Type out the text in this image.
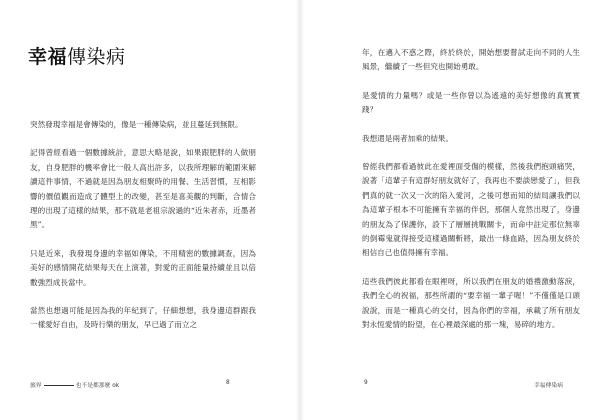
幸福傳染病

突然發現幸福是會傳染的，像是一種傳染病，並且蔓延到無限。

記得曾經看過一個數據統計，意思大略是說，如果跟肥胖的人做朋友，自身肥胖的機率會比一般人高出許多，以我所理解的範圍來解讀這件事情，不過就是因為朋友相聚時的用餐、生活習慣，互相影響的價值觀而造成了體型上的改變，甚至是喜美觀的判斷，合情合理的出現了這樣的結果，那不就是老祖宗說過的“近朱者赤，近墨者黑”。

只是近來，我發現身邊的幸福如傳染，不用精密的數據調查，因為美好的感情開花結果每天在上演著，對愛的正面能量持續並且以倍數強烈成長當中。

當然也想過可能是因為我的年紀到了，仔細想想，我身邊這群跟我一樣愛好自由，及時行樂的朋友，早已過了而立之

旅界	也不是都那麼 ok	8

年，在邁入不惑之際，終於終於，開始想要嘗試走向不同的人生風景，繼續了一些但究也開始勇敢。

是愛情的力量嗎？或是一些你曾以為遙遠的美好想像的真實實踐？

我想還是兩者加乘的結果。

曾經我們都看過彼此在愛裡面受傷的模樣，然後我們抱頭痛哭，說著「這輩子有這群好朋友就好了，我再也不要談戀愛了」，但我們真的就一次又一次的陷入愛河，之後可想而知的結局讓我們以為這輩子根本不可能擁有幸福的伴侶，那個人竟然出現了，身邊的朋友為了保護你，設下了層層挑戰關卡，而命中註定那位無辜的倒霉鬼就得接受這樣過關斬將，最出一條血路，因為朋友終於相信自己也值得擁有幸福。

這些我們彼此都看在眼裡呀，所以我們在朋友的婚禮激動落淚，我們全心的祝福，那些所謂的“要幸福一輩子喔！”不僅僅是口頭說說，而是一種真心的交付，因為你們的幸福，承載了所有朋友對永恆愛情的盼望，在心裡最深處的那一塊，易碎的地方。

9	幸福傳染病
